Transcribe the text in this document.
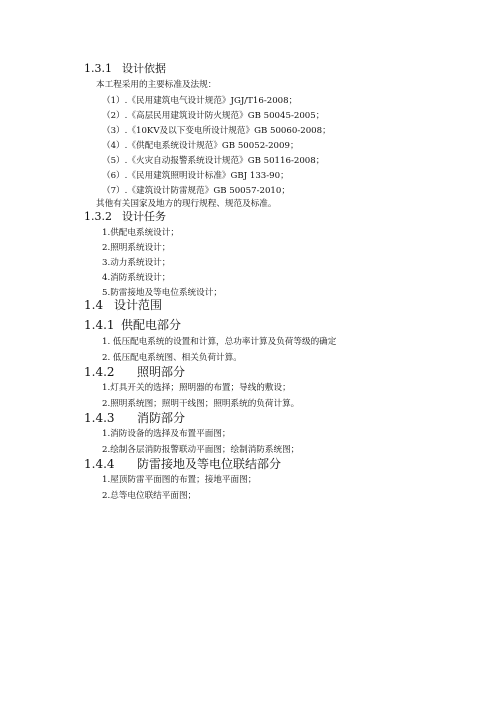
1.3.1 设计依据
本工程采用的主要标准及法规：
（1）.《民用建筑电气设计规范》JGJ/T16-2008；
（2）.《高层民用建筑设计防火规范》GB 50045-2005；
（3）.《10KV及以下变电所设计规范》GB 50060-2008；
（4）.《供配电系统设计规范》GB 50052-2009；
（5）.《火灾自动报警系统设计规范》GB 50116-2008；
（6）.《民用建筑照明设计标准》GBJ 133-90；
（7）.《建筑设计防雷规范》GB 50057-2010；
其他有关国家及地方的现行规程、规范及标准。
1.3.2 设计任务
1.供配电系统设计；
2.照明系统设计；
3.动力系统设计；
4.消防系统设计；
5.防雷接地及等电位系统设计；
1.4 设计范围
1.4.1 供配电部分
1. 低压配电系统的设置和计算，总功率计算及负荷等级的确定
2. 低压配电系统图、相关负荷计算。
1.4.2 照明部分
1.灯具开关的选择；照明器的布置；导线的敷设；
2.照明系统图；照明干线图；照明系统的负荷计算。
1.4.3 消防部分
1.消防设备的选择及布置平面图；
2.绘制各层消防报警联动平面图；绘制消防系统图；
1.4.4 防雷接地及等电位联结部分
1.屋顶防雷平面图的布置；接地平面图；
2.总等电位联结平面图；
